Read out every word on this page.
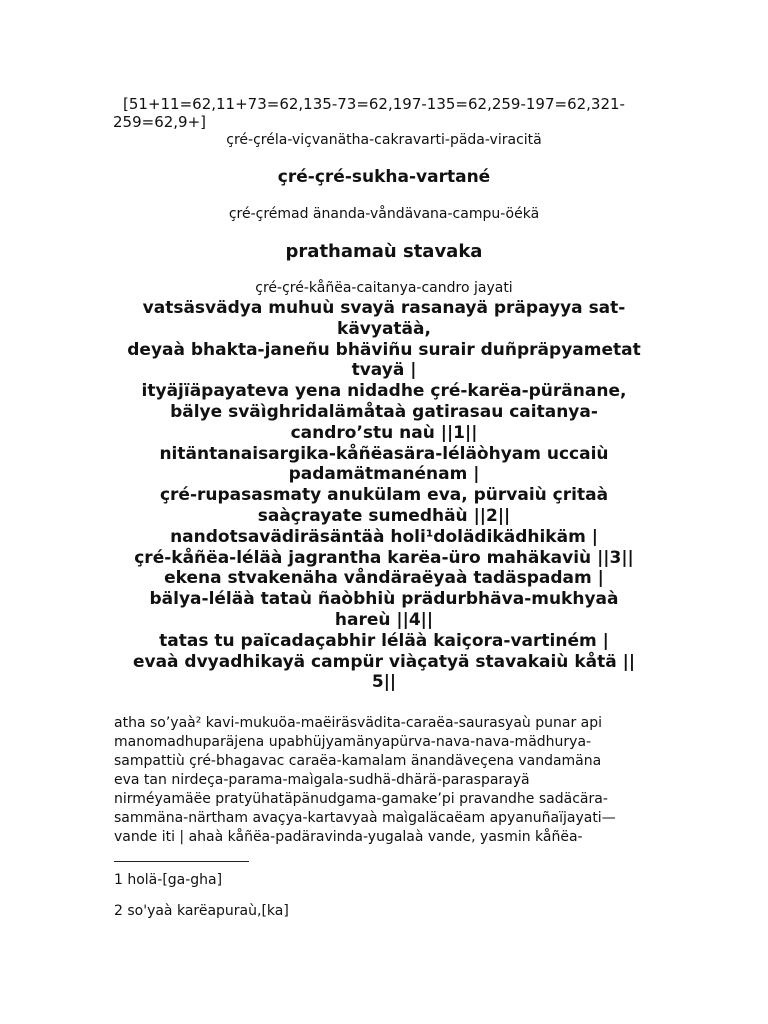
[51+11=62,11+73=62,135-73=62,197-135=62,259-197=62,321-
259=62,9+]
çré-çréla-viçvanätha-cakravarti-päda-viracitä
çré-çré-sukha-vartané
çré-çrémad änanda-våndävana-campu-öékä
prathamaù stavaka
çré-çré-kåñëa-caitanya-candro jayati
vatsäsvädya muhuù svayä rasanayä präpayya sat-
kävyatäà,
deyaà bhakta-janeñu bhäviñu surair duñpräpyametat
tvayä |
ityäjïäpayateva yena nidadhe çré-karëa-püränane,
bälye sväìghridalämåtaà gatirasau caitanya-
candro’stu naù ||1||
nitäntanaisargika-kåñëasära-léläòhyam uccaiù
padamätmanénam |
çré-rupasasmaty anukülam eva, pürvaiù çritaà
saàçrayate sumedhäù ||2||
nandotsavädiräsäntäà holi¹dolädikädhikäm |
çré-kåñëa-léläà jagrantha karëa-üro mahäkaviù ||3||
ekena stvakenäha våndäraëyaà tadäspadam |
bälya-léläà tataù ñaòbhiù prädurbhäva-mukhyaà
hareù ||4||
tatas tu païcadaçabhir léläà kaiçora-vartiném |
evaà dvyadhikayä campür viàçatyä stavakaiù kåtä ||
5||
atha so’yaà² kavi-mukuöa-maëiräsvädita-caraëa-saurasyaù punar api
manomadhuparäjena upabhüjyamänyapürva-nava-nava-mädhurya-
sampattiù çré-bhagavac caraëa-kamalam änandäveçena vandamäna
eva tan nirdeça-parama-maìgala-sudhä-dhärä-parasparayä
nirméyamäëe pratyühatäpänudgama-gamake’pi pravandhe sadäcära-
sammäna-närtham avaçya-kartavyaà maìgaläcaëam apyanuñaïjayati—
vande iti | ahaà kåñëa-padäravinda-yugalaà vande, yasmin kåñëa-
1 holä-[ga-gha]
2 so'yaà karëapuraù,[ka]
